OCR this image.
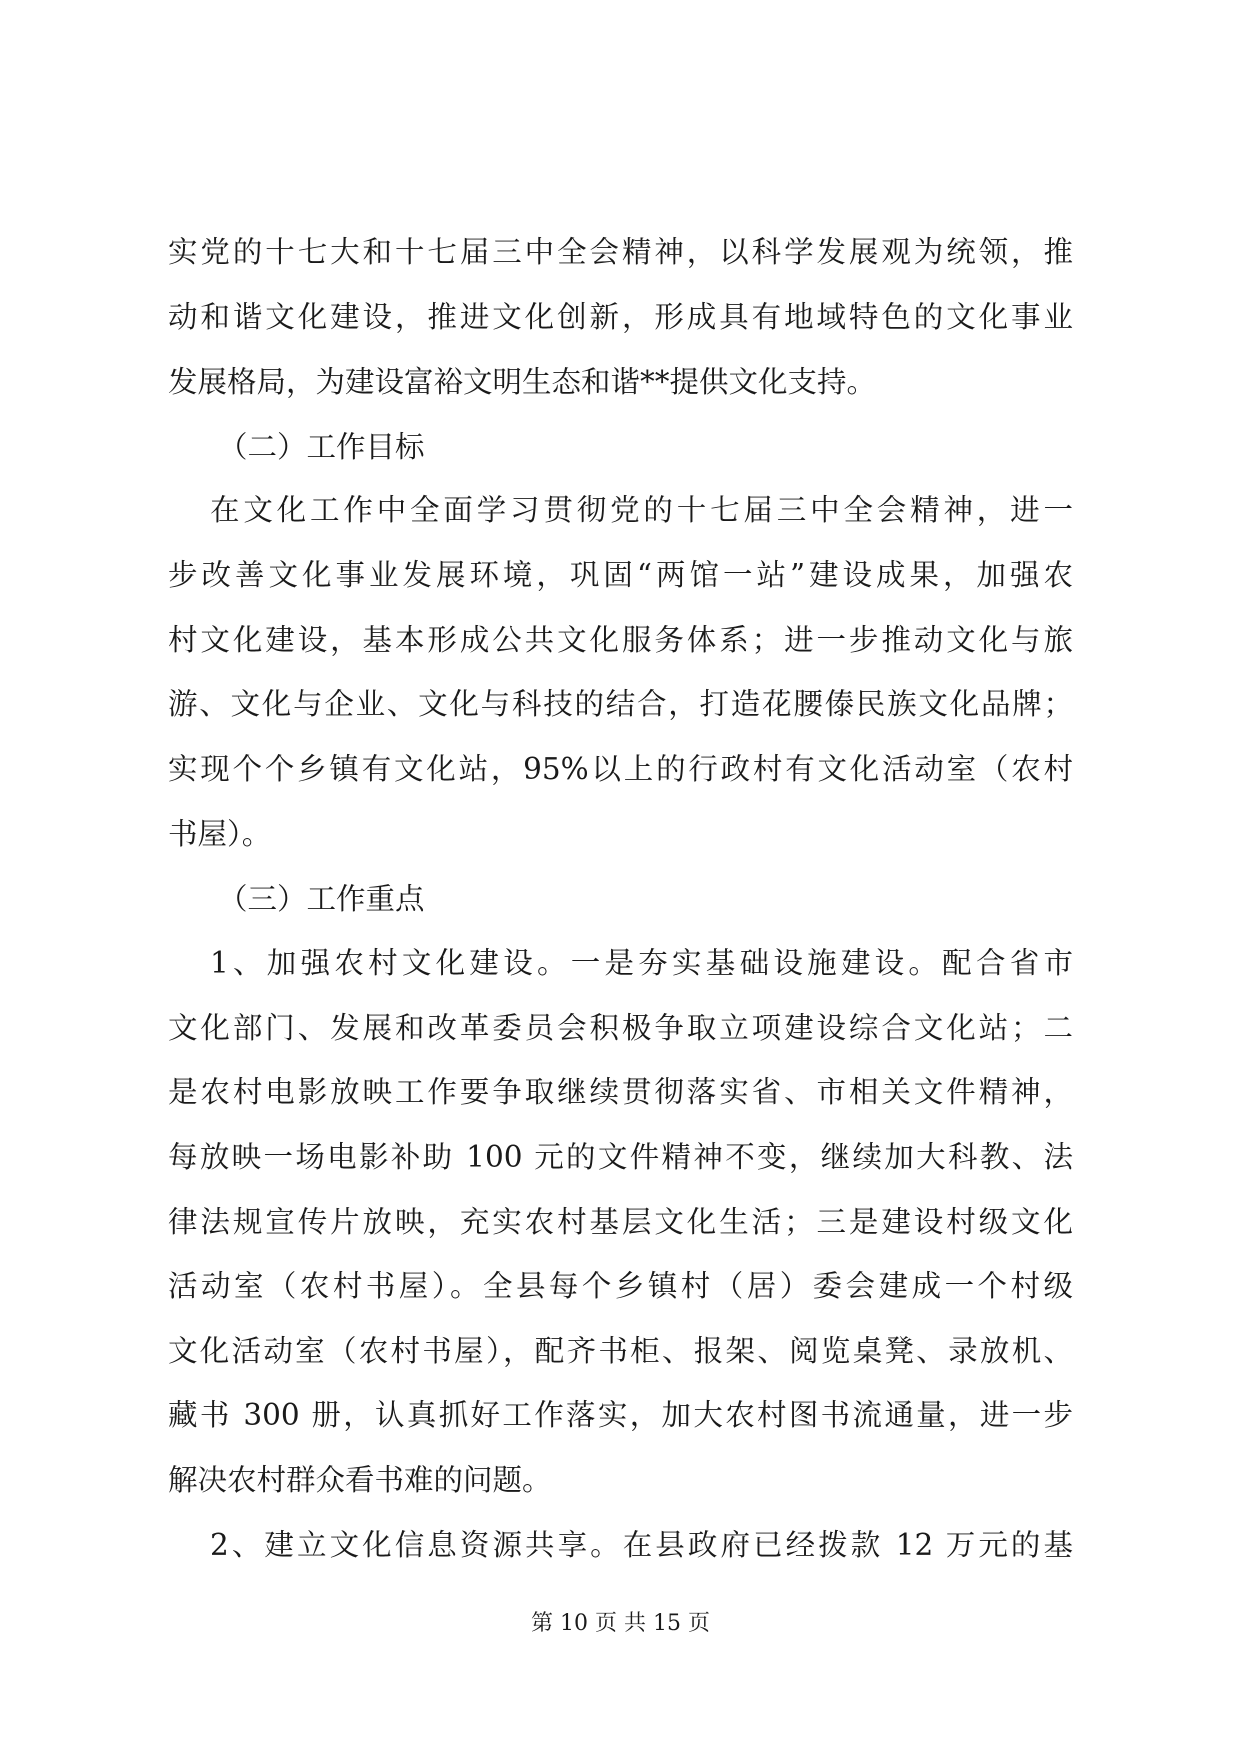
实党的十七大和十七届三中全会精神，以科学发展观为统领，推
动和谐文化建设，推进文化创新，形成具有地域特色的文化事业
发展格局，为建设富裕文明生态和谐**提供文化支持。
（二）工作目标
在文化工作中全面学习贯彻党的十七届三中全会精神，进一
步改善文化事业发展环境，巩固“两馆一站”建设成果，加强农
村文化建设，基本形成公共文化服务体系；进一步推动文化与旅
游、文化与企业、文化与科技的结合，打造花腰傣民族文化品牌；
实现个个乡镇有文化站，95%以上的行政村有文化活动室（农村
书屋）。
（三）工作重点
1、加强农村文化建设。一是夯实基础设施建设。配合省市
文化部门、发展和改革委员会积极争取立项建设综合文化站；二
是农村电影放映工作要争取继续贯彻落实省、市相关文件精神，
每放映一场电影补助 100 元的文件精神不变，继续加大科教、法
律法规宣传片放映，充实农村基层文化生活；三是建设村级文化
活动室（农村书屋）。全县每个乡镇村（居）委会建成一个村级
文化活动室（农村书屋），配齐书柜、报架、阅览桌凳、录放机、
藏书 300 册，认真抓好工作落实，加大农村图书流通量，进一步
解决农村群众看书难的问题。
2、建立文化信息资源共享。在县政府已经拨款 12 万元的基
第 10 页 共 15 页
